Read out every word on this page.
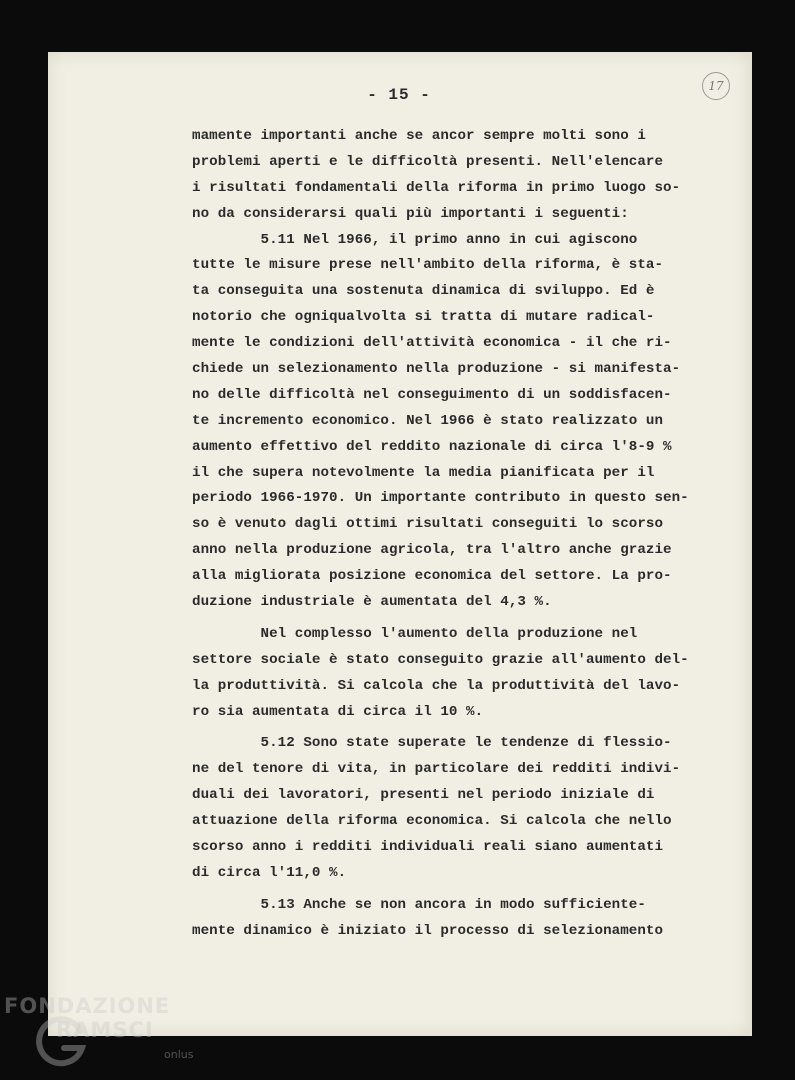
- 15 -	17
mamente importanti anche se ancor sempre molti sono i
problemi aperti e le difficoltà presenti. Nell'elencare
i risultati fondamentali della riforma in primo luogo so-
no da considerarsi quali più importanti i seguenti:
5.11 Nel 1966, il primo anno in cui agiscono
tutte le misure prese nell'ambito della riforma, è sta-
ta conseguita una sostenuta dinamica di sviluppo. Ed è
notorio che ogniqualvolta si tratta di mutare radical-
mente le condizioni dell'attività economica - il che ri-
chiede un selezionamento nella produzione - si manifesta-
no delle difficoltà nel conseguimento di un soddisfacen-
te incremento economico. Nel 1966 è stato realizzato un
aumento effettivo del reddito nazionale di circa l'8-9 %
il che supera notevolmente la media pianificata per il
periodo 1966-1970. Un importante contributo in questo sen-
so è venuto dagli ottimi risultati conseguiti lo scorso
anno nella produzione agricola, tra l'altro anche grazie
alla migliorata posizione economica del settore. La pro-
duzione industriale è aumentata del 4,3 %.
Nel complesso l'aumento della produzione nel
settore sociale è stato conseguito grazie all'aumento del-
la produttività. Si calcola che la produttività del lavo-
ro sia aumentata di circa il 10 %.
5.12 Sono state superate le tendenze di flessio-
ne del tenore di vita, in particolare dei redditi indivi-
duali dei lavoratori, presenti nel periodo iniziale di
attuazione della riforma economica. Si calcola che nello
scorso anno i redditi individuali reali siano aumentati
di circa l'11,0 %.
5.13 Anche se non ancora in modo sufficiente-
mente dinamico è iniziato il processo di selezionamento
FONDAZIONE
RAMSCI
onlus
